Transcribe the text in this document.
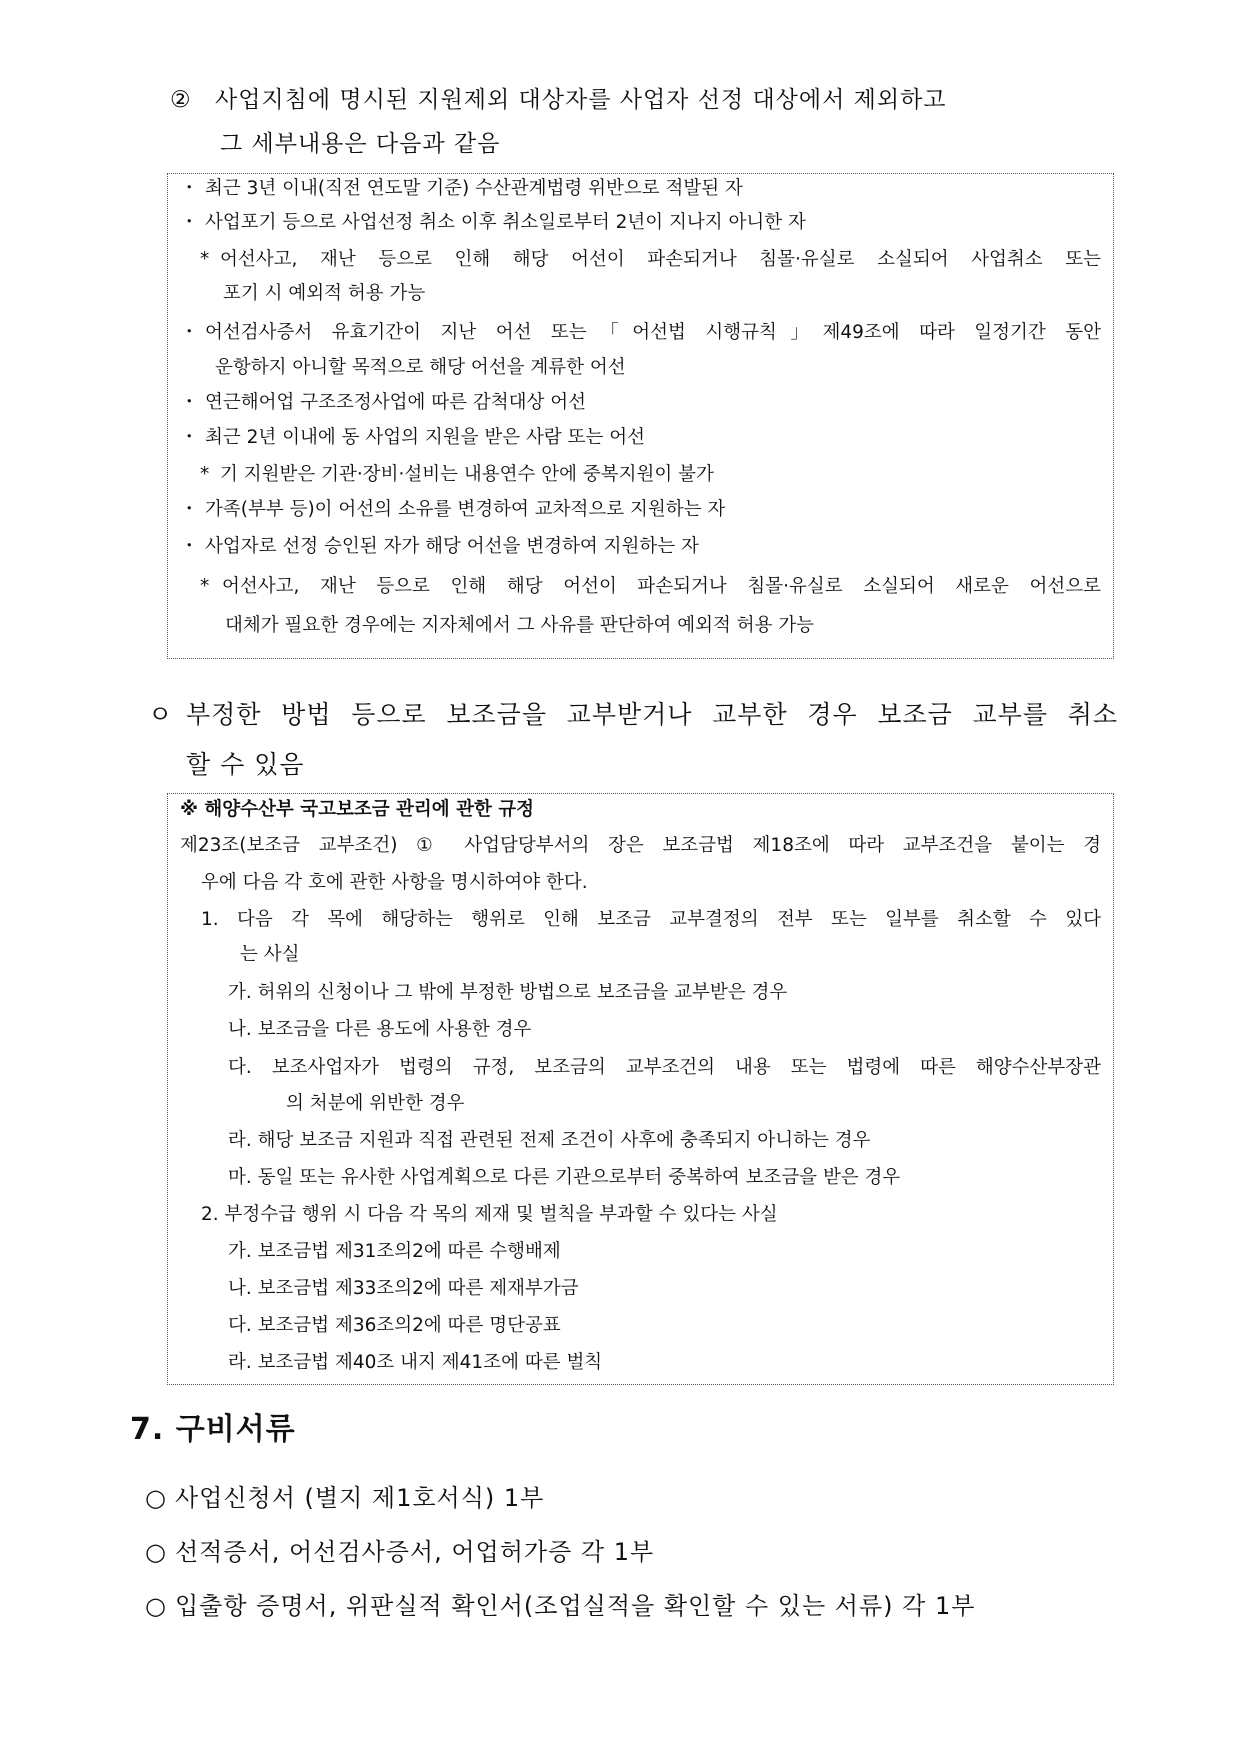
② 사업지침에 명시된 지원제외 대상자를 사업자 선정 대상에서 제외하고
그 세부내용은 다음과 같음
・ 최근 3년 이내(직전 연도말 기준) 수산관계법령 위반으로 적발된 자
・ 사업포기 등으로 사업선정 취소 이후 취소일로부터 2년이 지나지 아니한 자
* 어선사고, 재난 등으로 인해 해당 어선이 파손되거나 침몰·유실로 소실되어 사업취소 또는
포기 시 예외적 허용 가능
・ 어선검사증서 유효기간이 지난 어선 또는「어선법 시행규칙」제49조에 따라 일정기간 동안
운항하지 아니할 목적으로 해당 어선을 계류한 어선
・ 연근해어업 구조조정사업에 따른 감척대상 어선
・ 최근 2년 이내에 동 사업의 지원을 받은 사람 또는 어선
* 기 지원받은 기관·장비·설비는 내용연수 안에 중복지원이 불가
・ 가족(부부 등)이 어선의 소유를 변경하여 교차적으로 지원하는 자
・ 사업자로 선정 승인된 자가 해당 어선을 변경하여 지원하는 자
* 어선사고, 재난 등으로 인해 해당 어선이 파손되거나 침몰·유실로 소실되어 새로운 어선으로
대체가 필요한 경우에는 지자체에서 그 사유를 판단하여 예외적 허용 가능
ㅇ 부정한 방법 등으로 보조금을 교부받거나 교부한 경우 보조금 교부를 취소
할 수 있음
※ 해양수산부 국고보조금 관리에 관한 규정
제23조(보조금 교부조건) ① 사업담당부서의 장은 보조금법 제18조에 따라 교부조건을 붙이는 경
우에 다음 각 호에 관한 사항을 명시하여야 한다.
1. 다음 각 목에 해당하는 행위로 인해 보조금 교부결정의 전부 또는 일부를 취소할 수 있다
는 사실
가. 허위의 신청이나 그 밖에 부정한 방법으로 보조금을 교부받은 경우
나. 보조금을 다른 용도에 사용한 경우
다. 보조사업자가 법령의 규정, 보조금의 교부조건의 내용 또는 법령에 따른 해양수산부장관
의 처분에 위반한 경우
라. 해당 보조금 지원과 직접 관련된 전제 조건이 사후에 충족되지 아니하는 경우
마. 동일 또는 유사한 사업계획으로 다른 기관으로부터 중복하여 보조금을 받은 경우
2. 부정수급 행위 시 다음 각 목의 제재 및 벌칙을 부과할 수 있다는 사실
가. 보조금법 제31조의2에 따른 수행배제
나. 보조금법 제33조의2에 따른 제재부가금
다. 보조금법 제36조의2에 따른 명단공표
라. 보조금법 제40조 내지 제41조에 따른 벌칙
7. 구비서류
○ 사업신청서 (별지 제1호서식) 1부
○ 선적증서, 어선검사증서, 어업허가증 각 1부
○ 입출항 증명서, 위판실적 확인서(조업실적을 확인할 수 있는 서류) 각 1부
